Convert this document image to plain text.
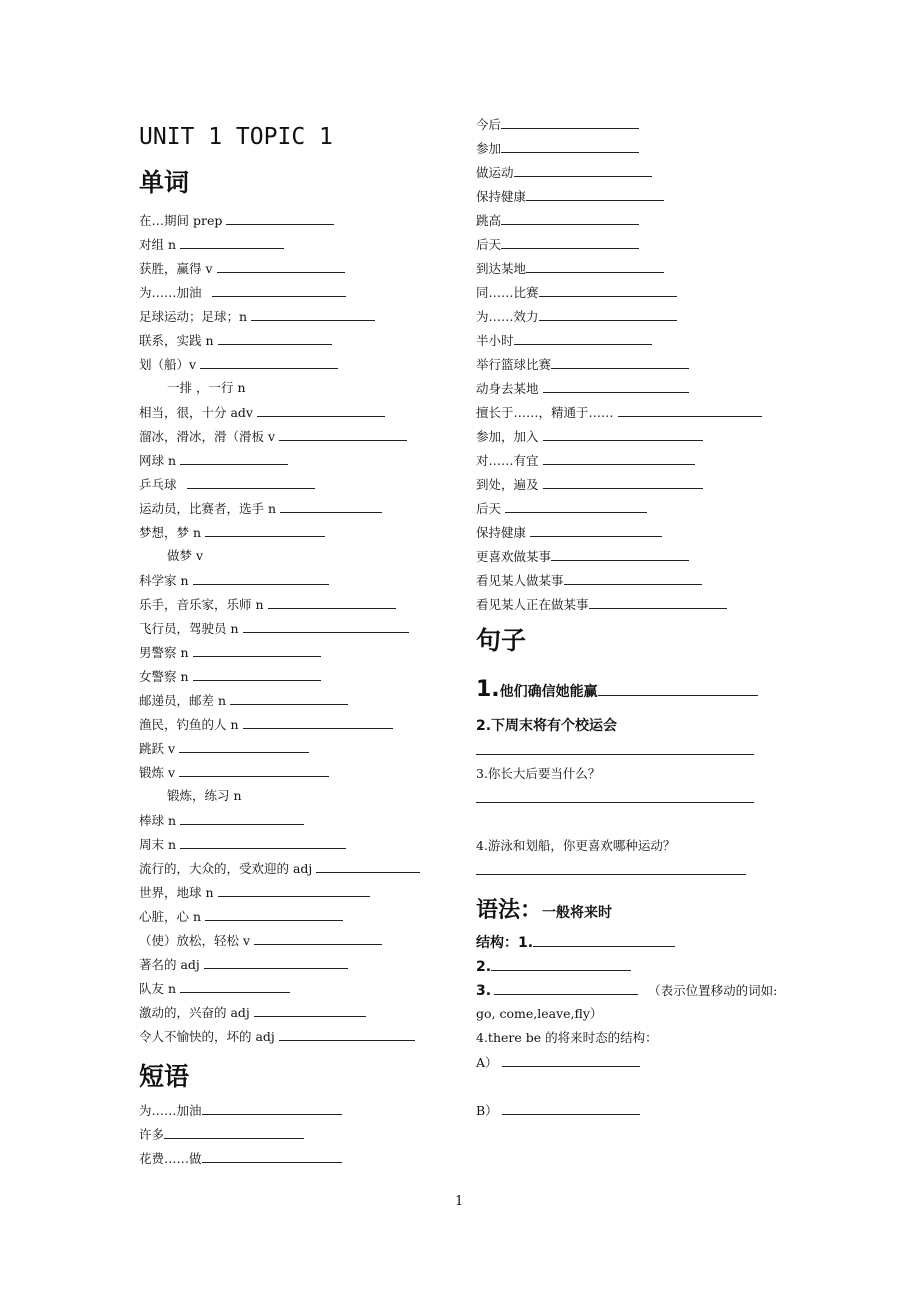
UNIT 1 TOPIC 1
单词
在…期间 prep
对组 n
获胜，赢得 v
为……加油
足球运动；足球；n
联系，实践 n
划（船）v
一排 ，一行 n
相当，很，十分 adv
溜冰，滑冰，滑（滑板 v
网球 n
乒乓球
运动员，比赛者，选手 n
梦想，梦 n
做梦 v
科学家 n
乐手，音乐家，乐师 n
飞行员，驾驶员 n
男警察 n
女警察 n
邮递员，邮差 n
渔民，钓鱼的人 n
跳跃 v
锻炼 v
锻炼，练习 n
棒球 n
周末 n
流行的，大众的，受欢迎的 adj
世界，地球 n
心脏，心 n
（使）放松，轻松 v
著名的 adj
队友 n
激动的，兴奋的 adj
令人不愉快的，坏的 adj
短语
为……加油
许多
花费……做
今后
参加
做运动
保持健康
跳高
后天
到达某地
同……比赛
为……效力
半小时
举行篮球比赛
动身去某地
擅长于……，精通于……
参加，加入
对……有宜
到处，遍及
后天
保持健康
更喜欢做某事
看见某人做某事
看见某人正在做某事
句子
1.他们确信她能赢
2.下周末将有个校运会
3.你长大后要当什么？
4.游泳和划船，你更喜欢哪种运动？
语法：一般将来时
结构：1.
2.
3.	（表示位置移动的词如:
go, come,leave,fly）
4.there be 的将来时态的结构：
A）
B）
1
